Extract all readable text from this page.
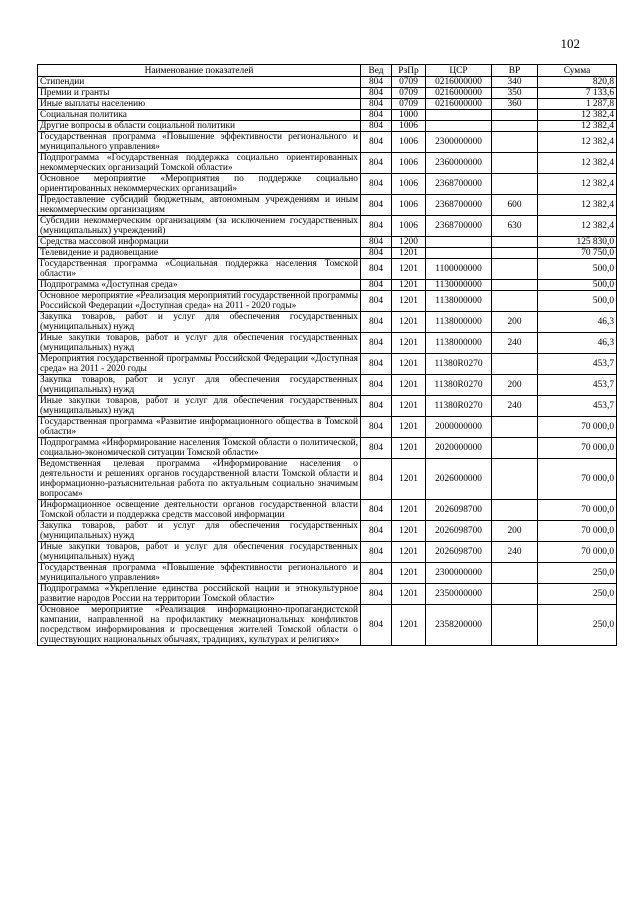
102
Наименование показателей	Вед	РзПр	ЦСР	ВР	Сумма
Стипендии	804	0709	0216000000	340	820,8
Премии и гранты	804	0709	0216000000	350	7 133,6
Иные выплаты населению	804	0709	0216000000	360	1 287,8
Социальная политика	804	1000			12 382,4
Другие вопросы в области социальной политики	804	1006			12 382,4
Государственная программа «Повышение эффективности регионального и муниципального управления»	804	1006	2300000000		12 382,4
Подпрограмма «Государственная поддержка социально ориентированных некоммерческих организаций Томской области»	804	1006	2360000000		12 382,4
Основное мероприятие «Мероприятия по поддержке социально ориентированных некоммерческих организаций»	804	1006	2368700000		12 382,4
Предоставление субсидий бюджетным, автономным учреждениям и иным некоммерческим организациям	804	1006	2368700000	600	12 382,4
Субсидии некоммерческим организациям (за исключением государственных (муниципальных) учреждений)	804	1006	2368700000	630	12 382,4
Средства массовой информации	804	1200			125 830,0
Телевидение и радиовещание	804	1201			70 750,0
Государственная программа «Социальная поддержка населения Томской области»	804	1201	1100000000		500,0
Подпрограмма «Доступная среда»	804	1201	1130000000		500,0
Основное мероприятие «Реализация мероприятий государственной программы Российской Федерации «Доступная среда» на 2011 - 2020 годы»	804	1201	1138000000		500,0
Закупка товаров, работ и услуг для обеспечения государственных (муниципальных) нужд	804	1201	1138000000	200	46,3
Иные закупки товаров, работ и услуг для обеспечения государственных (муниципальных) нужд	804	1201	1138000000	240	46,3
Мероприятия государственной программы Российской Федерации «Доступная среда» на 2011 - 2020 годы	804	1201	11380R0270		453,7
Закупка товаров, работ и услуг для обеспечения государственных (муниципальных) нужд	804	1201	11380R0270	200	453,7
Иные закупки товаров, работ и услуг для обеспечения государственных (муниципальных) нужд	804	1201	11380R0270	240	453,7
Государственная программа «Развитие информационного общества в Томской области»	804	1201	2000000000		70 000,0
Подпрограмма «Информирование населения Томской области о политической, социально-экономической ситуации Томской области»	804	1201	2020000000		70 000,0
Ведомственная целевая программа «Информирование населения о деятельности и решениях органов государственной власти Томской области и информационно-разъяснительная работа по актуальным социально значимым вопросам»	804	1201	2026000000		70 000,0
Информационное освещение деятельности органов государственной власти Томской области и поддержка средств массовой информации	804	1201	2026098700		70 000,0
Закупка товаров, работ и услуг для обеспечения государственных (муниципальных) нужд	804	1201	2026098700	200	70 000,0
Иные закупки товаров, работ и услуг для обеспечения государственных (муниципальных) нужд	804	1201	2026098700	240	70 000,0
Государственная программа «Повышение эффективности регионального и муниципального управления»	804	1201	2300000000		250,0
Подпрограмма «Укрепление единства российской нации и этнокультурное развитие народов России на территории Томской области»	804	1201	2350000000		250,0
Основное мероприятие «Реализация информационно-пропагандистской кампании, направленной на профилактику межнациональных конфликтов посредством информирования и просвещения жителей Томской области о существующих национальных обычаях, традициях, культурах и религиях»	804	1201	2358200000		250,0
